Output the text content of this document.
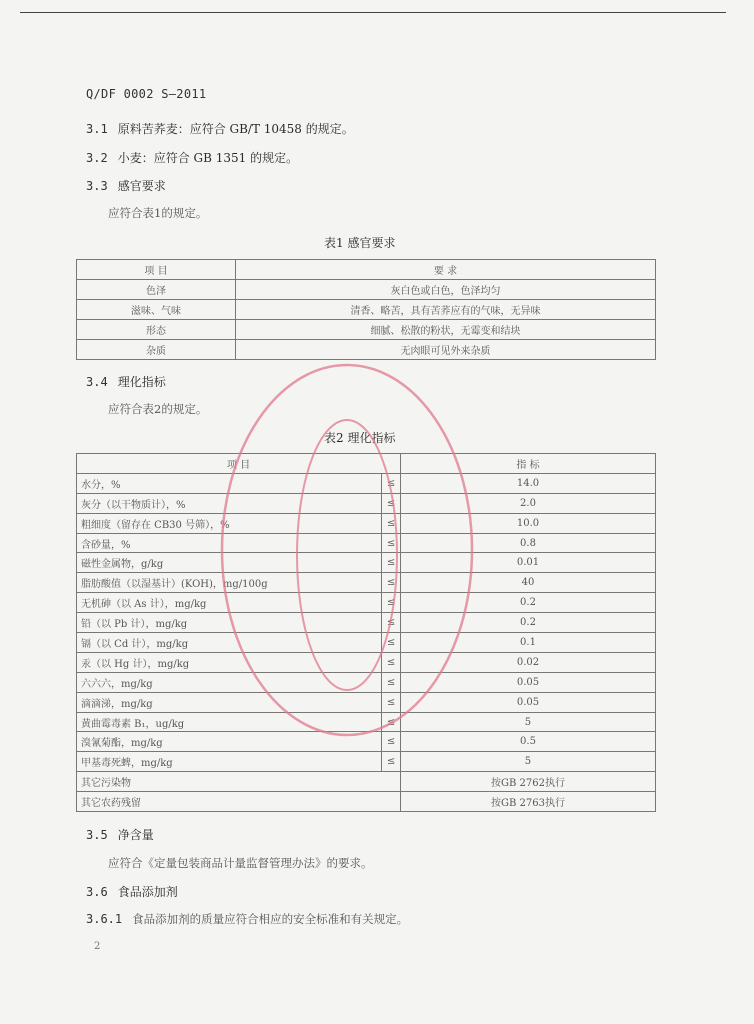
Q/DF 0002 S—2011
3.1 原料苦荞麦：应符合 GB/T 10458 的规定。
3.2 小麦：应符合 GB 1351 的规定。
3.3 感官要求
应符合表1的规定。
表1 感官要求
项 目	要 求
色泽	灰白色或白色，色泽均匀
滋味、气味	清香、略苦，具有苦荞应有的气味，无异味
形态	细腻、松散的粉状，无霉变和结块
杂质	无肉眼可见外来杂质
3.4 理化指标
应符合表2的规定。
表2 理化指标
项 目		指 标
水分，%	≤	14.0
灰分（以干物质计），%	≤	2.0
粗细度（留存在 CB30 号筛），%	≤	10.0
含砂量，%	≤	0.8
磁性金属物，g/kg	≤	0.01
脂肪酸值（以湿基计）(KOH)，mg/100g	≤	40
无机砷（以 As 计），mg/kg	≤	0.2
铅（以 Pb 计），mg/kg	≤	0.2
镉（以 Cd 计），mg/kg	≤	0.1
汞（以 Hg 计），mg/kg	≤	0.02
六六六，mg/kg	≤	0.05
滴滴涕，mg/kg	≤	0.05
黄曲霉毒素 B₁，ug/kg	≤	5
溴氰菊酯，mg/kg	≤	0.5
甲基毒死蜱，mg/kg	≤	5
其它污染物		按GB 2762执行
其它农药残留		按GB 2763执行
3.5 净含量
应符合《定量包装商品计量监督管理办法》的要求。
3.6 食品添加剂
3.6.1 食品添加剂的质量应符合相应的安全标准和有关规定。
2
